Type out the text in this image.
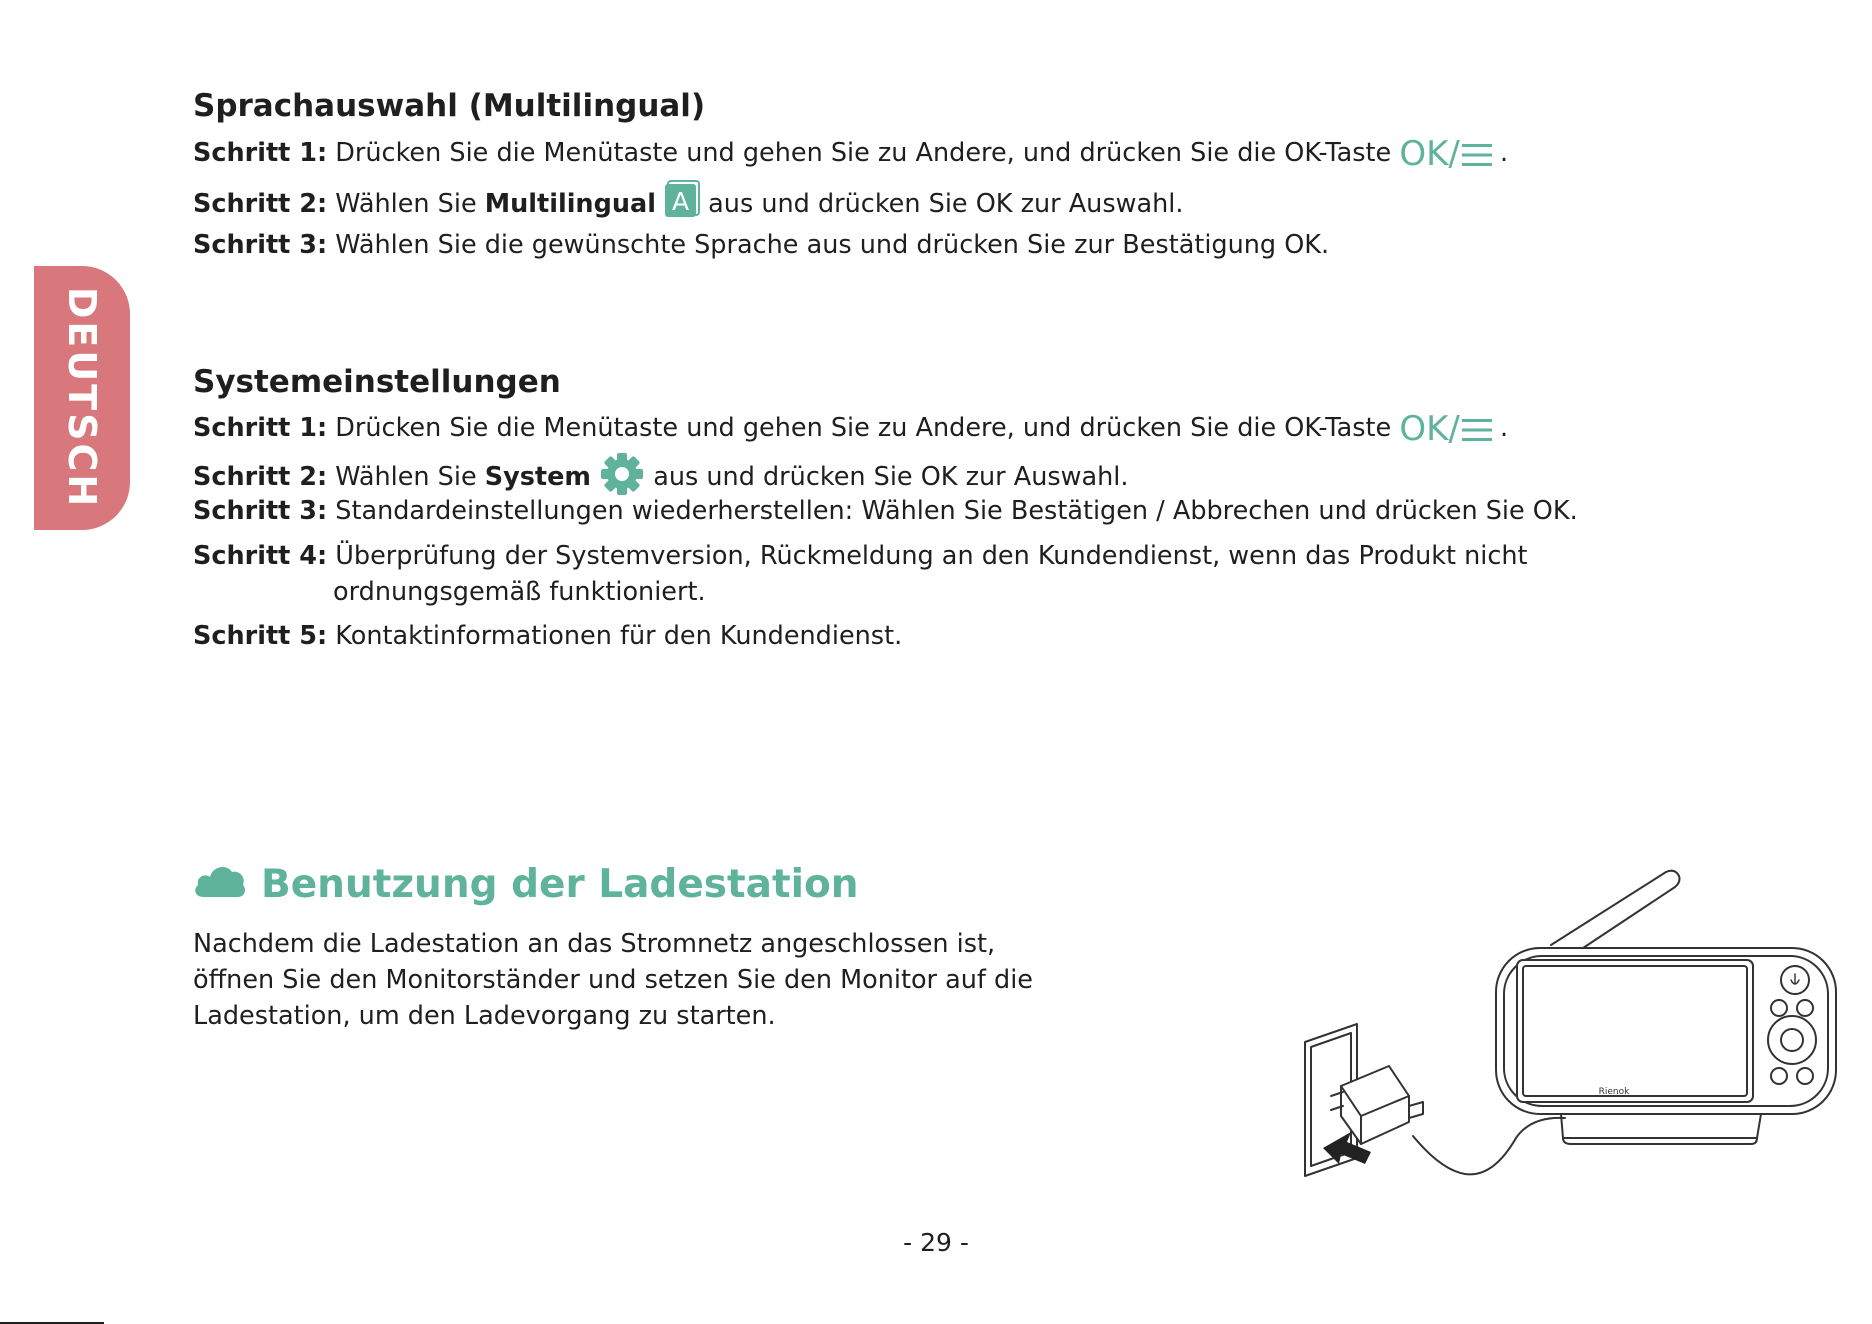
DEUTSCH
Sprachauswahl (Multilingual)
Schritt 1: Drücken Sie die Menütaste und gehen Sie zu Andere, und drücken Sie die OK-Taste OK/ .
Schritt 2: Wählen Sie Multilingual A aus und drücken Sie OK zur Auswahl.
Schritt 3: Wählen Sie die gewünschte Sprache aus und drücken Sie zur Bestätigung OK.
Systemeinstellungen
Schritt 1: Drücken Sie die Menütaste und gehen Sie zu Andere, und drücken Sie die OK-Taste OK/ .
Schritt 2: Wählen Sie System aus und drücken Sie OK zur Auswahl.
Schritt 3: Standardeinstellungen wiederherstellen: Wählen Sie Bestätigen / Abbrechen und drücken Sie OK.
Schritt 4: Überprüfung der Systemversion, Rückmeldung an den Kundendienst, wenn das Produkt nicht
ordnungsgemäß funktioniert.
Schritt 5: Kontaktinformationen für den Kundendienst.
Benutzung der Ladestation
Nachdem die Ladestation an das Stromnetz angeschlossen ist,
öffnen Sie den Monitorständer und setzen Sie den Monitor auf die
Ladestation, um den Ladevorgang zu starten.
Rienok
- 29 -
